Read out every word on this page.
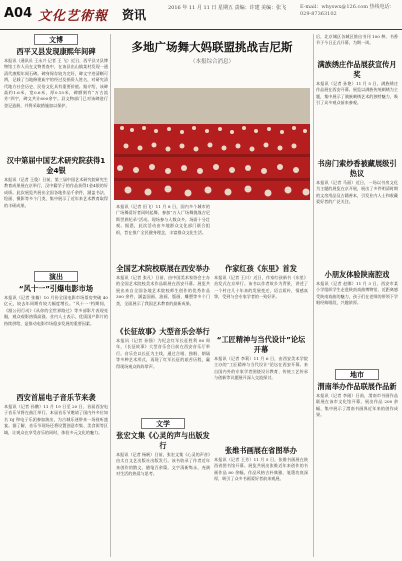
A04 文化艺術報 资讯	2016 年 11 月 11 日 星期五 责编：许建 美编：张飞	E-mail：whyswx@126.com 热线电话：029-87363102
文博
西平又县发现康熙年间碑
本报讯（通讯员 王永兴 记者 王 飞）近日，西平县又县博物馆工作人员在文物普查中，在该县出山镇某村发现一通清代康熙年间石碑。碑身保存较为完好，碑文字迹清晰可辨，记载了当地修建庙宇的经过及捐资人姓名，对研究清代地方社会历史、民俗文化具有重要价值。据介绍，该碑高约1.6米，宽0.6米，厚0.15米，碑额刻有“万古流芳”四字，碑文共计600余字。县文物部门已对该碑进行登记造册，并将采取措施加以保护。
汉中第届中国艺术研究院获得1金4银
本报讯（记者 王俊）日前，第三届中国艺术研究院研究生教育成果展在京举行，汉中籍学子的作品获得1金4银的好成绩。此次展览共展出全国各地作品千余件，涵盖书法、绘画、摄影等多个门类，集中展示了近年来艺术教育取得的丰硕成果。
演出
“风十一”引爆电影市场
本报讯（记者 张楠）10 月份全国电影市场票房突破 40 亿元，较去年同期有较大幅度增长。“风十一”档期间，《湄公河行动》《从你的全世界路过》等多部影片表现亮眼，观众观影热情高涨。业内人士表示，优质国产影片的持续供给，是推动电影市场稳步发展的重要因素。
西安首届电子音乐节来袭
本报讯（记者 孙鹏）11 月 19 日至 20 日，首届西安电子音乐节将在曲江举行。本届音乐节邀请了国内外多位知名 DJ 和电子乐团参加演出，为古城乐迷带来一场视听盛宴。据了解，音乐节现场还将设置创意市集、美食街等区域，让观众在享受音乐的同时，体验多元文化的魅力。
多地广场舞大妈联盟挑战吉尼斯
（本报综合消息）
本报讯（记者 田飞）11 月 8 日，国内多个城市的广场舞爱好者同时起舞，参加“万人广场舞挑战吉尼斯世界纪录”活动。现场参与人数众多，场面十分壮观。据悉，此次活动由多地群众文化部门联合组织，旨在推广全民健身理念，丰富群众文化生活。
全国艺术院校联展在西安举办
本报讯（记者 张凡）日前，由中国美术家协会主办的全国艺术院校美术作品联展在西安开幕。展览共展出来自全国各地艺术院校师生创作的优秀作品 300 余件，涵盖国画、油画、版画、雕塑等多个门类，全面展示了我国艺术教育的最新成果。
《长征故事》大型音乐会举行
本报讯（记者 孙强）为纪念红军长征胜利 80 周年，《长征故事》大型音乐会日前在西安音乐厅举行。音乐会以长征为主线，通过合唱、独唱、朗诵等多种艺术形式，再现了红军长征的艰苦历程，赢得现场观众阵阵掌声。
文学
张宏文集《心灵的声与出版发行
本报讯（记者 杨帆）日前，张宏文集《心灵的声音》由太白文艺出版社出版发行。该书收录了作者近年来创作的散文、随笔百余篇，文字清新隽永，充满对生活的热爱与思考。
作家红孩《东里》首发
本报讯（记者 王川）近日，作家红孩新书《东里》首发式在京举行。该书以作者故乡为背景，讲述了一个村庄几十年来的发展变迁，语言质朴，情感真挚，受到与会专家学者的一致好评。
“工匠精神与当代设计”论坛开幕
本报讯（记者 李莉）11 月 6 日，由西安美术学院主办的“工匠精神与当代设计”论坛在西安开幕。来自国内外的专家学者围绕设计教育、传统工艺传承与创新等议题展开深入交流探讨。
张维书画展在省图举办
本报讯（记者 王芳）11 月 5 日，张维书画展在陕西省图书馆开幕。展览共展出张维近年来创作的书画作品 80 余幅，作品风格古朴典雅，笔墨功底深厚，吸引了众多书画爱好者前来观展。
后，北京城区各城区推出书刊 100 种。书香节于今日正式开幕，为期一周。
满族绣庄作品展获宣传月奖
本报讯（记者 孙艳）11 月 5 日，满族绣庄作品展在西安开幕。展览以满族传统刺绣为主题，集中展示了满族刺绣艺术的独特魅力，吸引了众多观众前来参观。
书房门索炒香被藏展级引热议
本报讯（记者 马丽）近日，一场以书房文化为主题的展览在京开展，展出了多件明清时期的文房用品及古籍善本，引发业内人士和收藏爱好者的广泛关注。
小朋友体验陕南腔戏
本报讯（记者 赵娜）11 月 3 日，西安市某小学组织学生走进陕南戏曲博物馆，近距离感受陕南戏曲的魅力，孩子们在老师的带领下学唱经典唱段，兴趣浓厚。
地市
渭南举办作品联展作品新
本报讯（记者 李刚）日前，渭南市书画作品联展在该市文化馆开幕，展出作品 200 余幅，集中展示了渭南书画界近年来的创作成果。
